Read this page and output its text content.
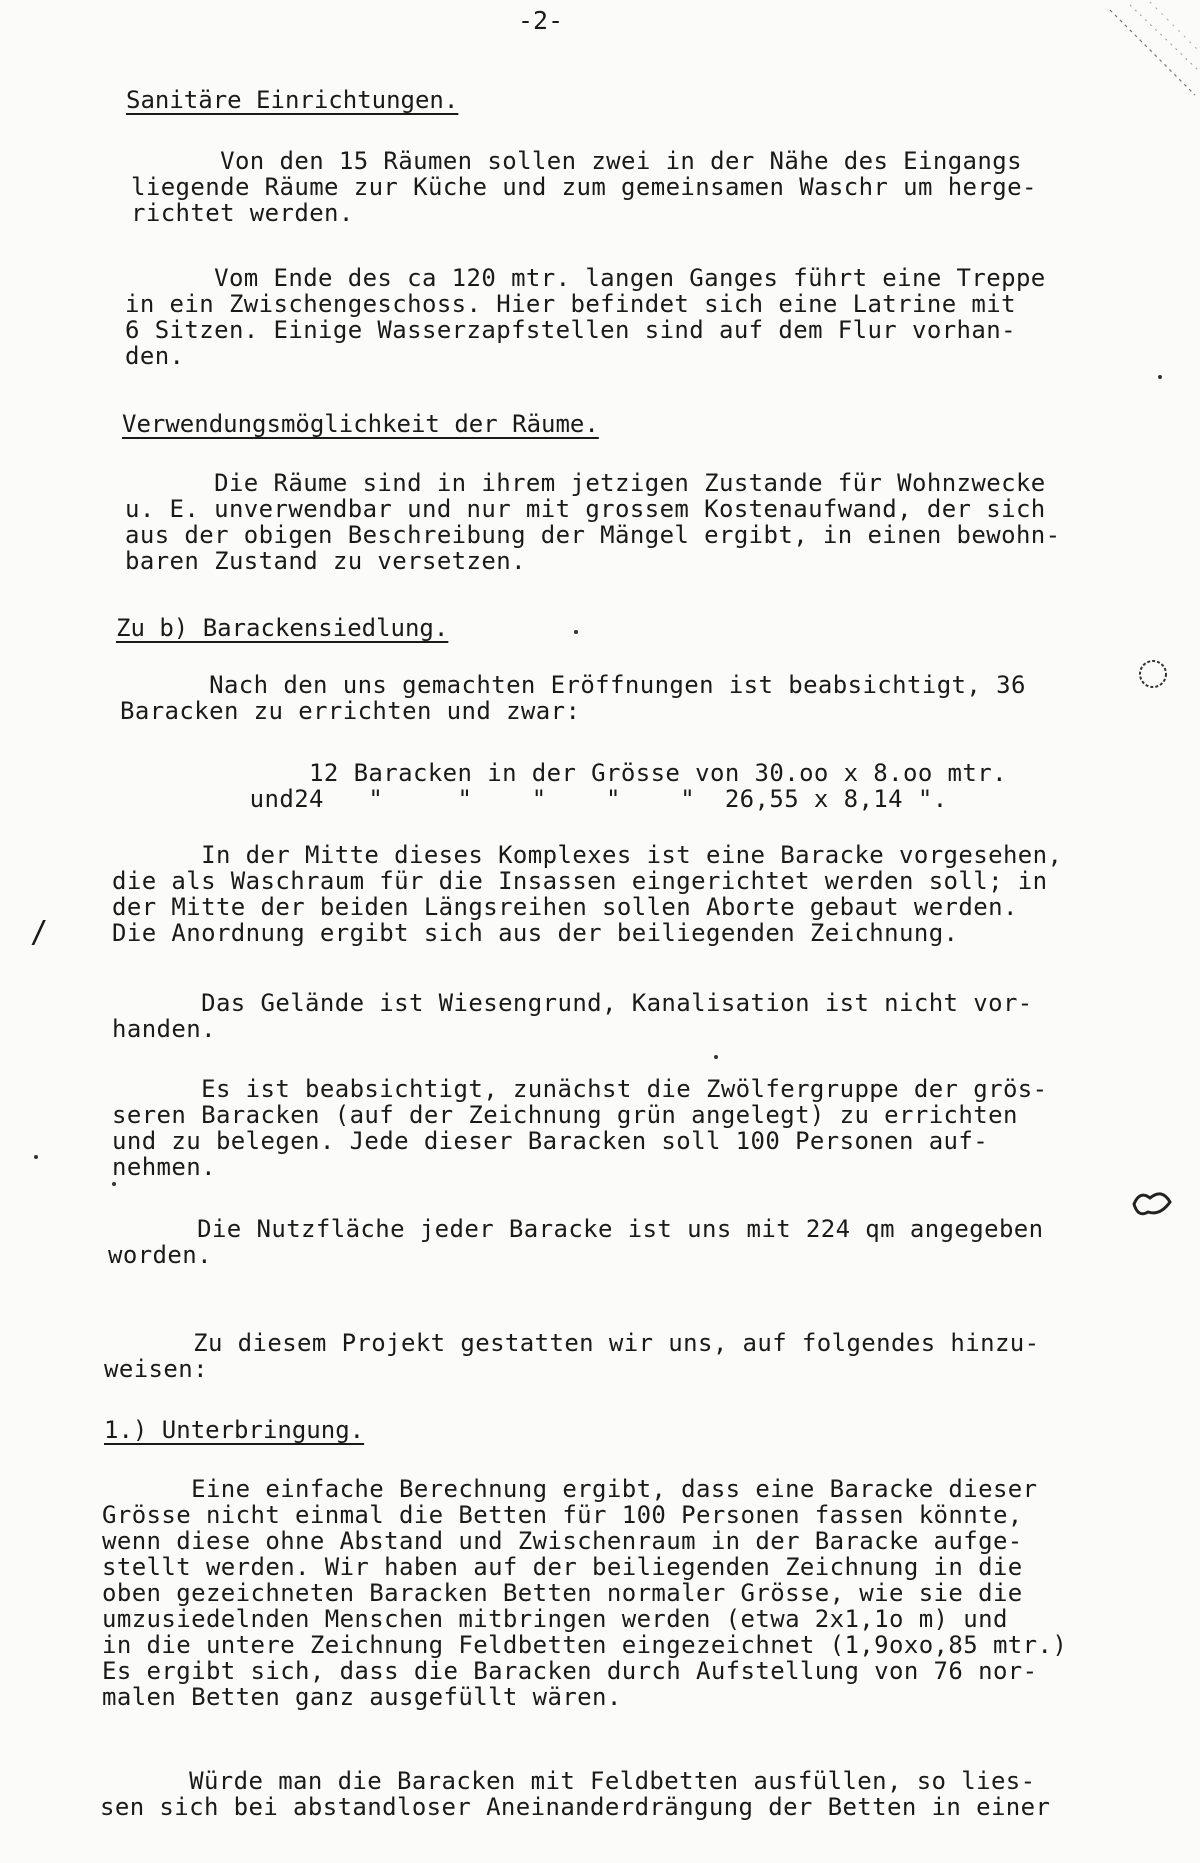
-2-
/
Sanitäre Einrichtungen.
Von den 15 Räumen sollen zwei in der Nähe des Eingangs
liegende Räume zur Küche und zum gemeinsamen Waschr um herge-
richtet werden.
Vom Ende des ca 120 mtr. langen Ganges führt eine Treppe
in ein Zwischengeschoss. Hier befindet sich eine Latrine mit
6 Sitzen. Einige Wasserzapfstellen sind auf dem Flur vorhan-
den.
Verwendungsmöglichkeit der Räume.
Die Räume sind in ihrem jetzigen Zustande für Wohnzwecke
u. E. unverwendbar und nur mit grossem Kostenaufwand, der sich
aus der obigen Beschreibung der Mängel ergibt, in einen bewohn-
baren Zustand zu versetzen.
Zu b) Barackensiedlung.
Nach den uns gemachten Eröffnungen ist beabsichtigt, 36
Baracken zu errichten und zwar:
12 Baracken in der Grösse von 30.oo x 8.oo mtr.
und24   "     "    "    "    "  26,55 x 8,14 ".
In der Mitte dieses Komplexes ist eine Baracke vorgesehen,
die als Waschraum für die Insassen eingerichtet werden soll; in
der Mitte der beiden Längsreihen sollen Aborte gebaut werden.
Die Anordnung ergibt sich aus der beiliegenden Zeichnung.
Das Gelände ist Wiesengrund, Kanalisation ist nicht vor-
handen.
Es ist beabsichtigt, zunächst die Zwölfergruppe der grös-
seren Baracken (auf der Zeichnung grün angelegt) zu errichten
und zu belegen. Jede dieser Baracken soll 100 Personen auf-
nehmen.
Die Nutzfläche jeder Baracke ist uns mit 224 qm angegeben
worden.
Zu diesem Projekt gestatten wir uns, auf folgendes hinzu-
weisen:
1.) Unterbringung.
Eine einfache Berechnung ergibt, dass eine Baracke dieser
Grösse nicht einmal die Betten für 100 Personen fassen könnte,
wenn diese ohne Abstand und Zwischenraum in der Baracke aufge-
stellt werden. Wir haben auf der beiliegenden Zeichnung in die
oben gezeichneten Baracken Betten normaler Grösse, wie sie die
umzusiedelnden Menschen mitbringen werden (etwa 2x1,1o m) und
in die untere Zeichnung Feldbetten eingezeichnet (1,9oxo,85 mtr.)
Es ergibt sich, dass die Baracken durch Aufstellung von 76 nor-
malen Betten ganz ausgefüllt wären.
Würde man die Baracken mit Feldbetten ausfüllen, so lies-
sen sich bei abstandloser Aneinanderdrängung der Betten in einer
